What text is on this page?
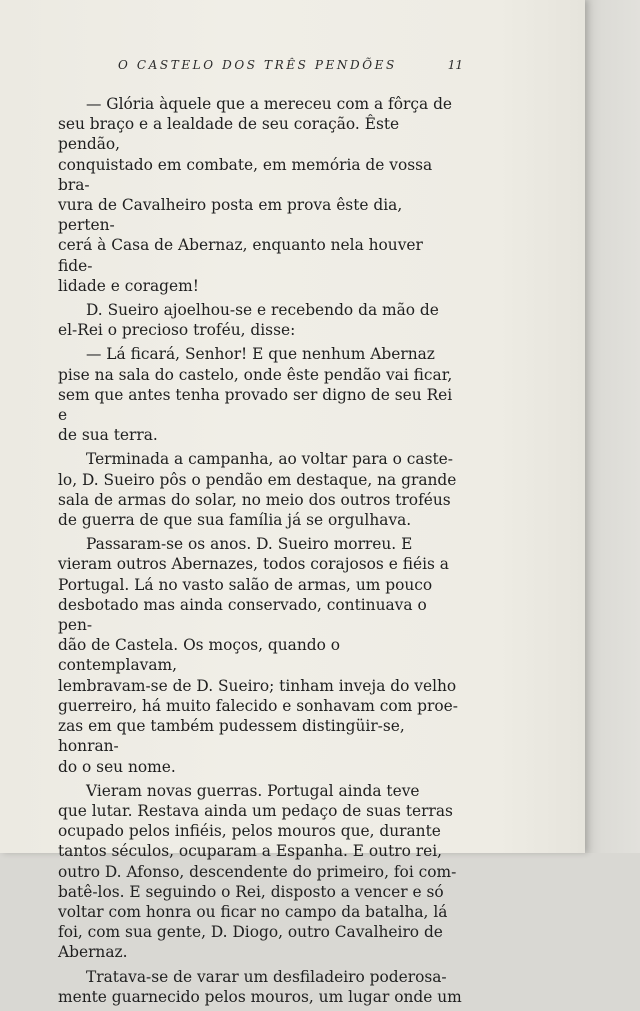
O CASTELO DOS TRÊS PENDÕES	11

— Glória àquele que a mereceu com a fôrça de
seu braço e a lealdade de seu coração. Êste pendão,
conquistado em combate, em memória de vossa bra-
vura de Cavalheiro posta em prova êste dia, perten-
cerá à Casa de Abernaz, enquanto nela houver fide-
lidade e coragem!

D. Sueiro ajoelhou-se e recebendo da mão de
el-Rei o precioso troféu, disse:

— Lá ficará, Senhor! E que nenhum Abernaz
pise na sala do castelo, onde êste pendão vai ficar,
sem que antes tenha provado ser digno de seu Rei e
de sua terra.

Terminada a campanha, ao voltar para o caste-
lo, D. Sueiro pôs o pendão em destaque, na grande
sala de armas do solar, no meio dos outros troféus
de guerra de que sua família já se orgulhava.

Passaram-se os anos. D. Sueiro morreu. E
vieram outros Abernazes, todos corajosos e fiéis a
Portugal. Lá no vasto salão de armas, um pouco
desbotado mas ainda conservado, continuava o pen-
dão de Castela. Os moços, quando o contemplavam,
lembravam-se de D. Sueiro; tinham inveja do velho
guerreiro, há muito falecido e sonhavam com proe-
zas em que também pudessem distingüir-se, honran-
do o seu nome.

Vieram novas guerras. Portugal ainda teve
que lutar. Restava ainda um pedaço de suas terras
ocupado pelos infiéis, pelos mouros que, durante
tantos séculos, ocuparam a Espanha. E outro rei,
outro D. Afonso, descendente do primeiro, foi com-
batê-los. E seguindo o Rei, disposto a vencer e só
voltar com honra ou ficar no campo da batalha, lá
foi, com sua gente, D. Diogo, outro Cavalheiro de
Abernaz.

Tratava-se de varar um desfiladeiro poderosa-
mente guarnecido pelos mouros, um lugar onde um
